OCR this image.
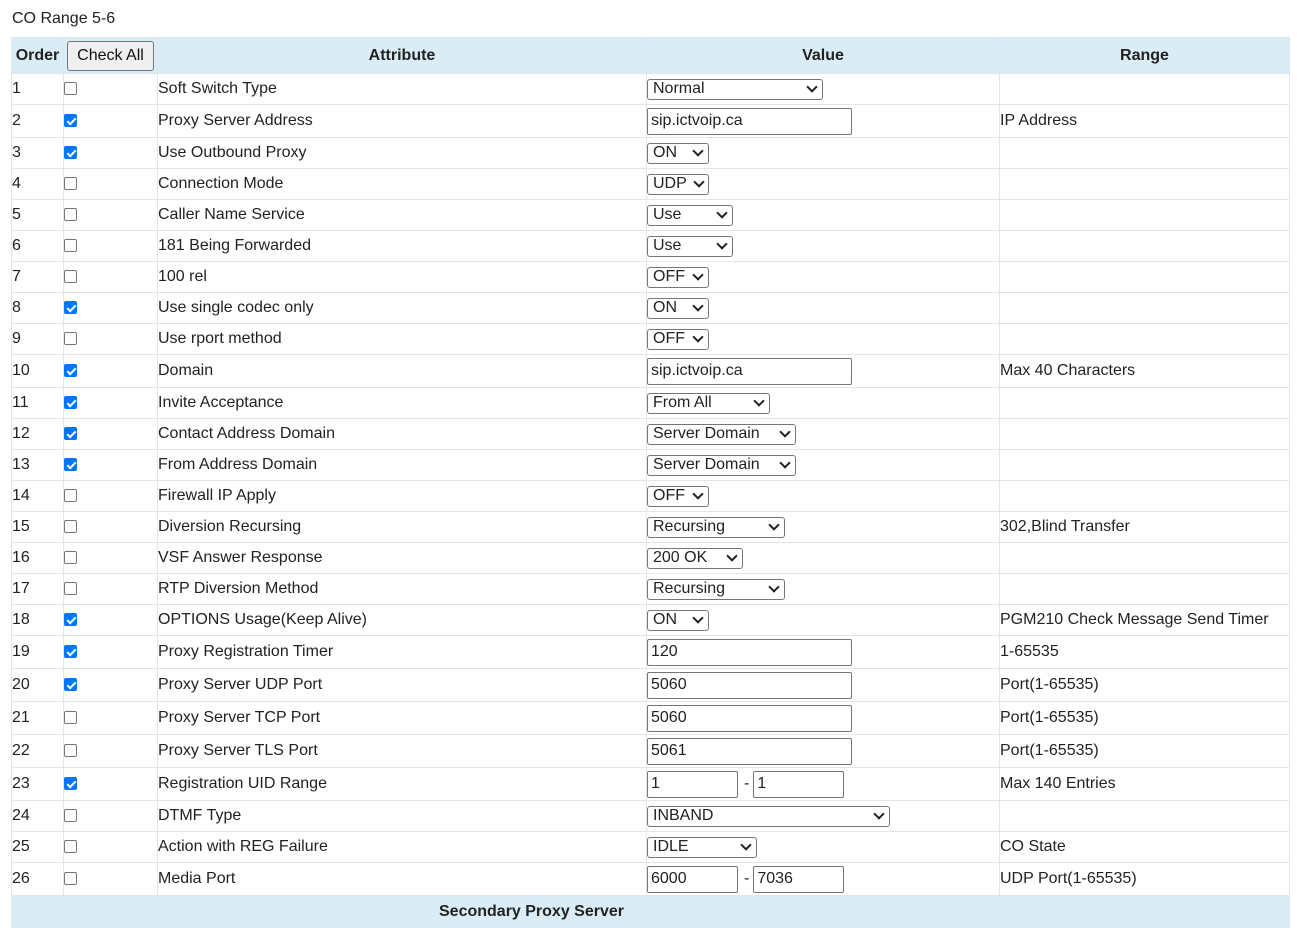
CO Range 5-6
Order	Check All	Attribute	Value	Range
1		Soft Switch Type	Normal	

2		Proxy Server Address	sip.ictvoip.ca	IP Address
3		Use Outbound Proxy	ON	

4		Connection Mode	UDP	

5		Caller Name Service	Use	

6		181 Being Forwarded	Use	

7		100 rel	OFF	

8		Use single codec only	ON	

9		Use rport method	OFF	

10		Domain	sip.ictvoip.ca	Max 40 Characters
11		Invite Acceptance	From All	

12		Contact Address Domain	Server Domain	

13		From Address Domain	Server Domain	

14		Firewall IP Apply	OFF	

15		Diversion Recursing	Recursing	302,Blind Transfer
16		VSF Answer Response	200 OK	

17		RTP Diversion Method	Recursing	

18		OPTIONS Usage(Keep Alive)	ON	PGM210 Check Message Send Timer
19		Proxy Registration Timer	120	1-65535
20		Proxy Server UDP Port	5060	Port(1-65535)
21		Proxy Server TCP Port	5060	Port(1-65535)
22		Proxy Server TLS Port	5061	Port(1-65535)
23		Registration UID Range	1 - 1	Max 140 Entries
24		DTMF Type	INBAND	

25		Action with REG Failure	IDLE	CO State
26		Media Port	6000 - 7036	UDP Port(1-65535)
	Secondary Proxy Server			
